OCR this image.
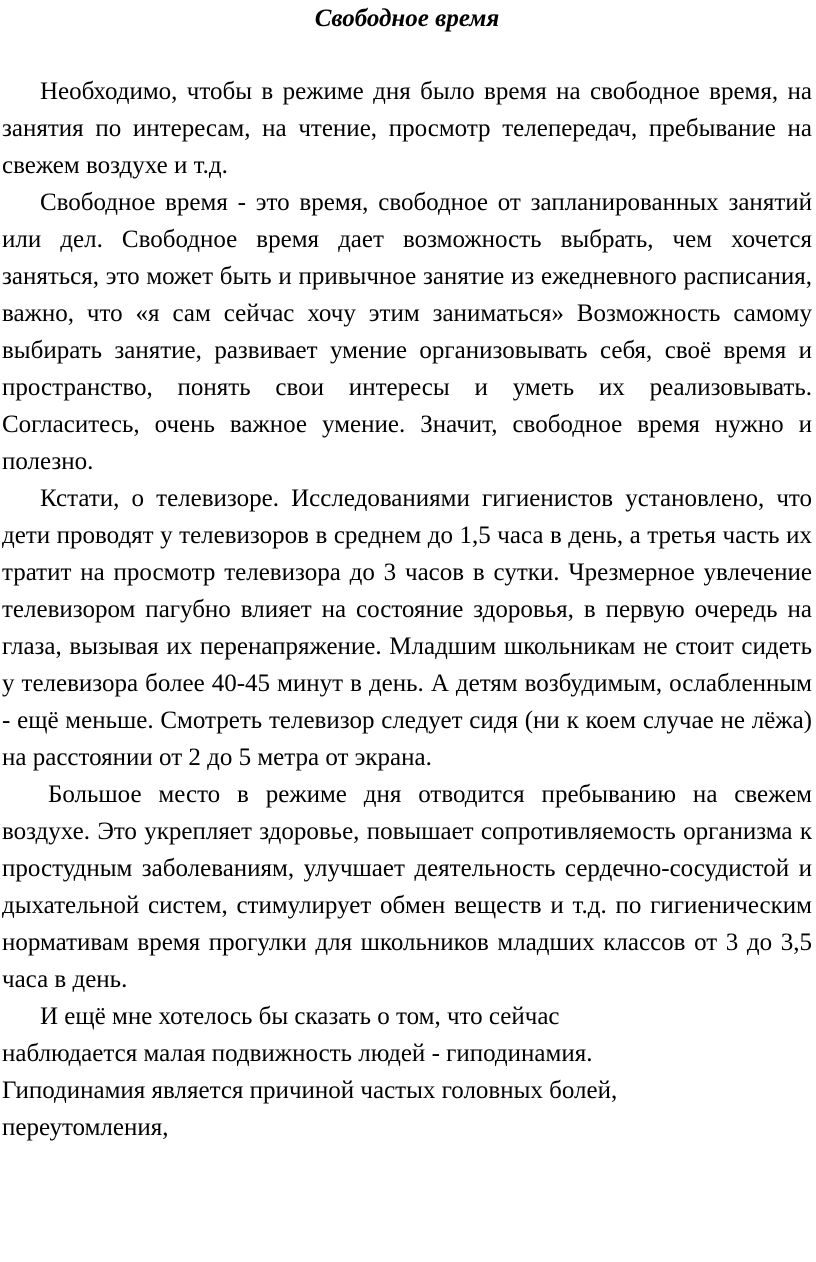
Свободное время

Необходимо, чтобы в режиме дня было время на свободное время, на занятия по интересам, на чтение, просмотр телепередач, пребывание на свежем воздухе и т.д.

Свободное время - это время, свободное от запланированных занятий или дел. Свободное время дает возможность выбрать, чем хочется заняться, это может быть и привычное занятие из ежедневного расписания, важно, что «я сам сейчас хочу этим заниматься» Возможность самому выбирать занятие, развивает умение организовывать себя, своё время и пространство, понять свои интересы и уметь их реализовывать. Согласитесь, очень важное умение. Значит, свободное время нужно и полезно.

Кстати, о телевизоре. Исследованиями гигиенистов установлено, что дети проводят у телевизоров в среднем до 1,5 часа в день, а третья часть их тратит на просмотр телевизора до 3 часов в сутки. Чрезмерное увлечение телевизором пагубно влияет на состояние здоровья, в первую очередь на глаза, вызывая их перенапряжение. Младшим школьникам не стоит сидеть у телевизора более 40-45 минут в день. А детям возбудимым, ослабленным - ещё меньше. Смотреть телевизор следует сидя (ни к коем случае не лёжа) на расстоянии от 2 до 5 метра от экрана.

Большое место в режиме дня отводится пребыванию на свежем воздухе. Это укрепляет здоровье, повышает сопротивляемость организма к простудным заболеваниям, улучшает деятельность сердечно-сосудистой и дыхательной систем, стимулирует обмен веществ и т.д. по гигиеническим нормативам время прогулки для школьников младших классов от 3 до 3,5 часа в день.

И ещё мне хотелось бы сказать о том, что сейчас
наблюдается малая подвижность людей - гиподинамия.
Гиподинамия является причиной частых головных болей,
переутомления,
